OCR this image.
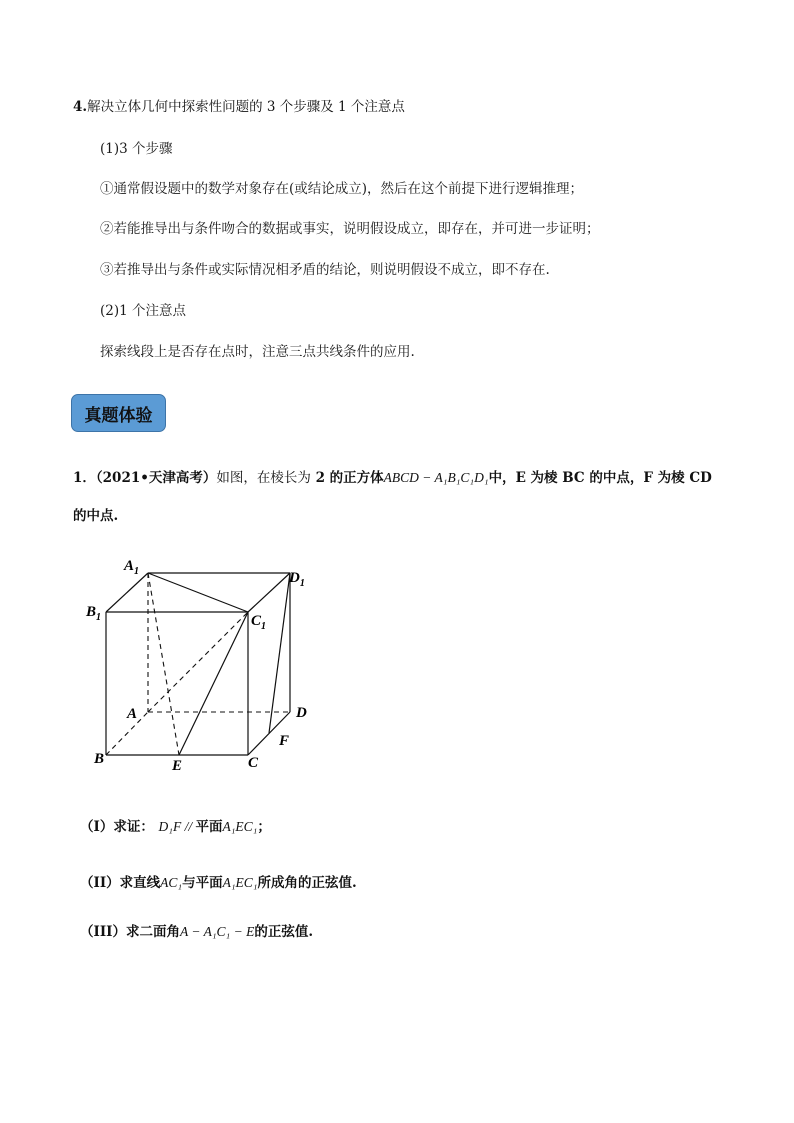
4.解决立体几何中探索性问题的 3 个步骤及 1 个注意点
(1)3 个步骤
①通常假设题中的数学对象存在(或结论成立)，然后在这个前提下进行逻辑推理；
②若能推导出与条件吻合的数据或事实，说明假设成立，即存在，并可进一步证明；
③若推导出与条件或实际情况相矛盾的结论，则说明假设不成立，即不存在.
(2)1 个注意点
探索线段上是否存在点时，注意三点共线条件的应用.
真题体验
1．（2021•天津高考）如图，在棱长为 2 的正方体ABCD − A₁B₁C₁D₁中，E 为棱 BC 的中点，F 为棱 CD
的中点.
$A_1$
$B_1$	$C_1$
$D_1$
A
B	C
D
E
F
（I）求证： D₁F // 平面A₁EC₁；
（II）求直线AC₁与平面A₁EC₁所成角的正弦值.
（III）求二面角A − A₁C₁ − E的正弦值.
